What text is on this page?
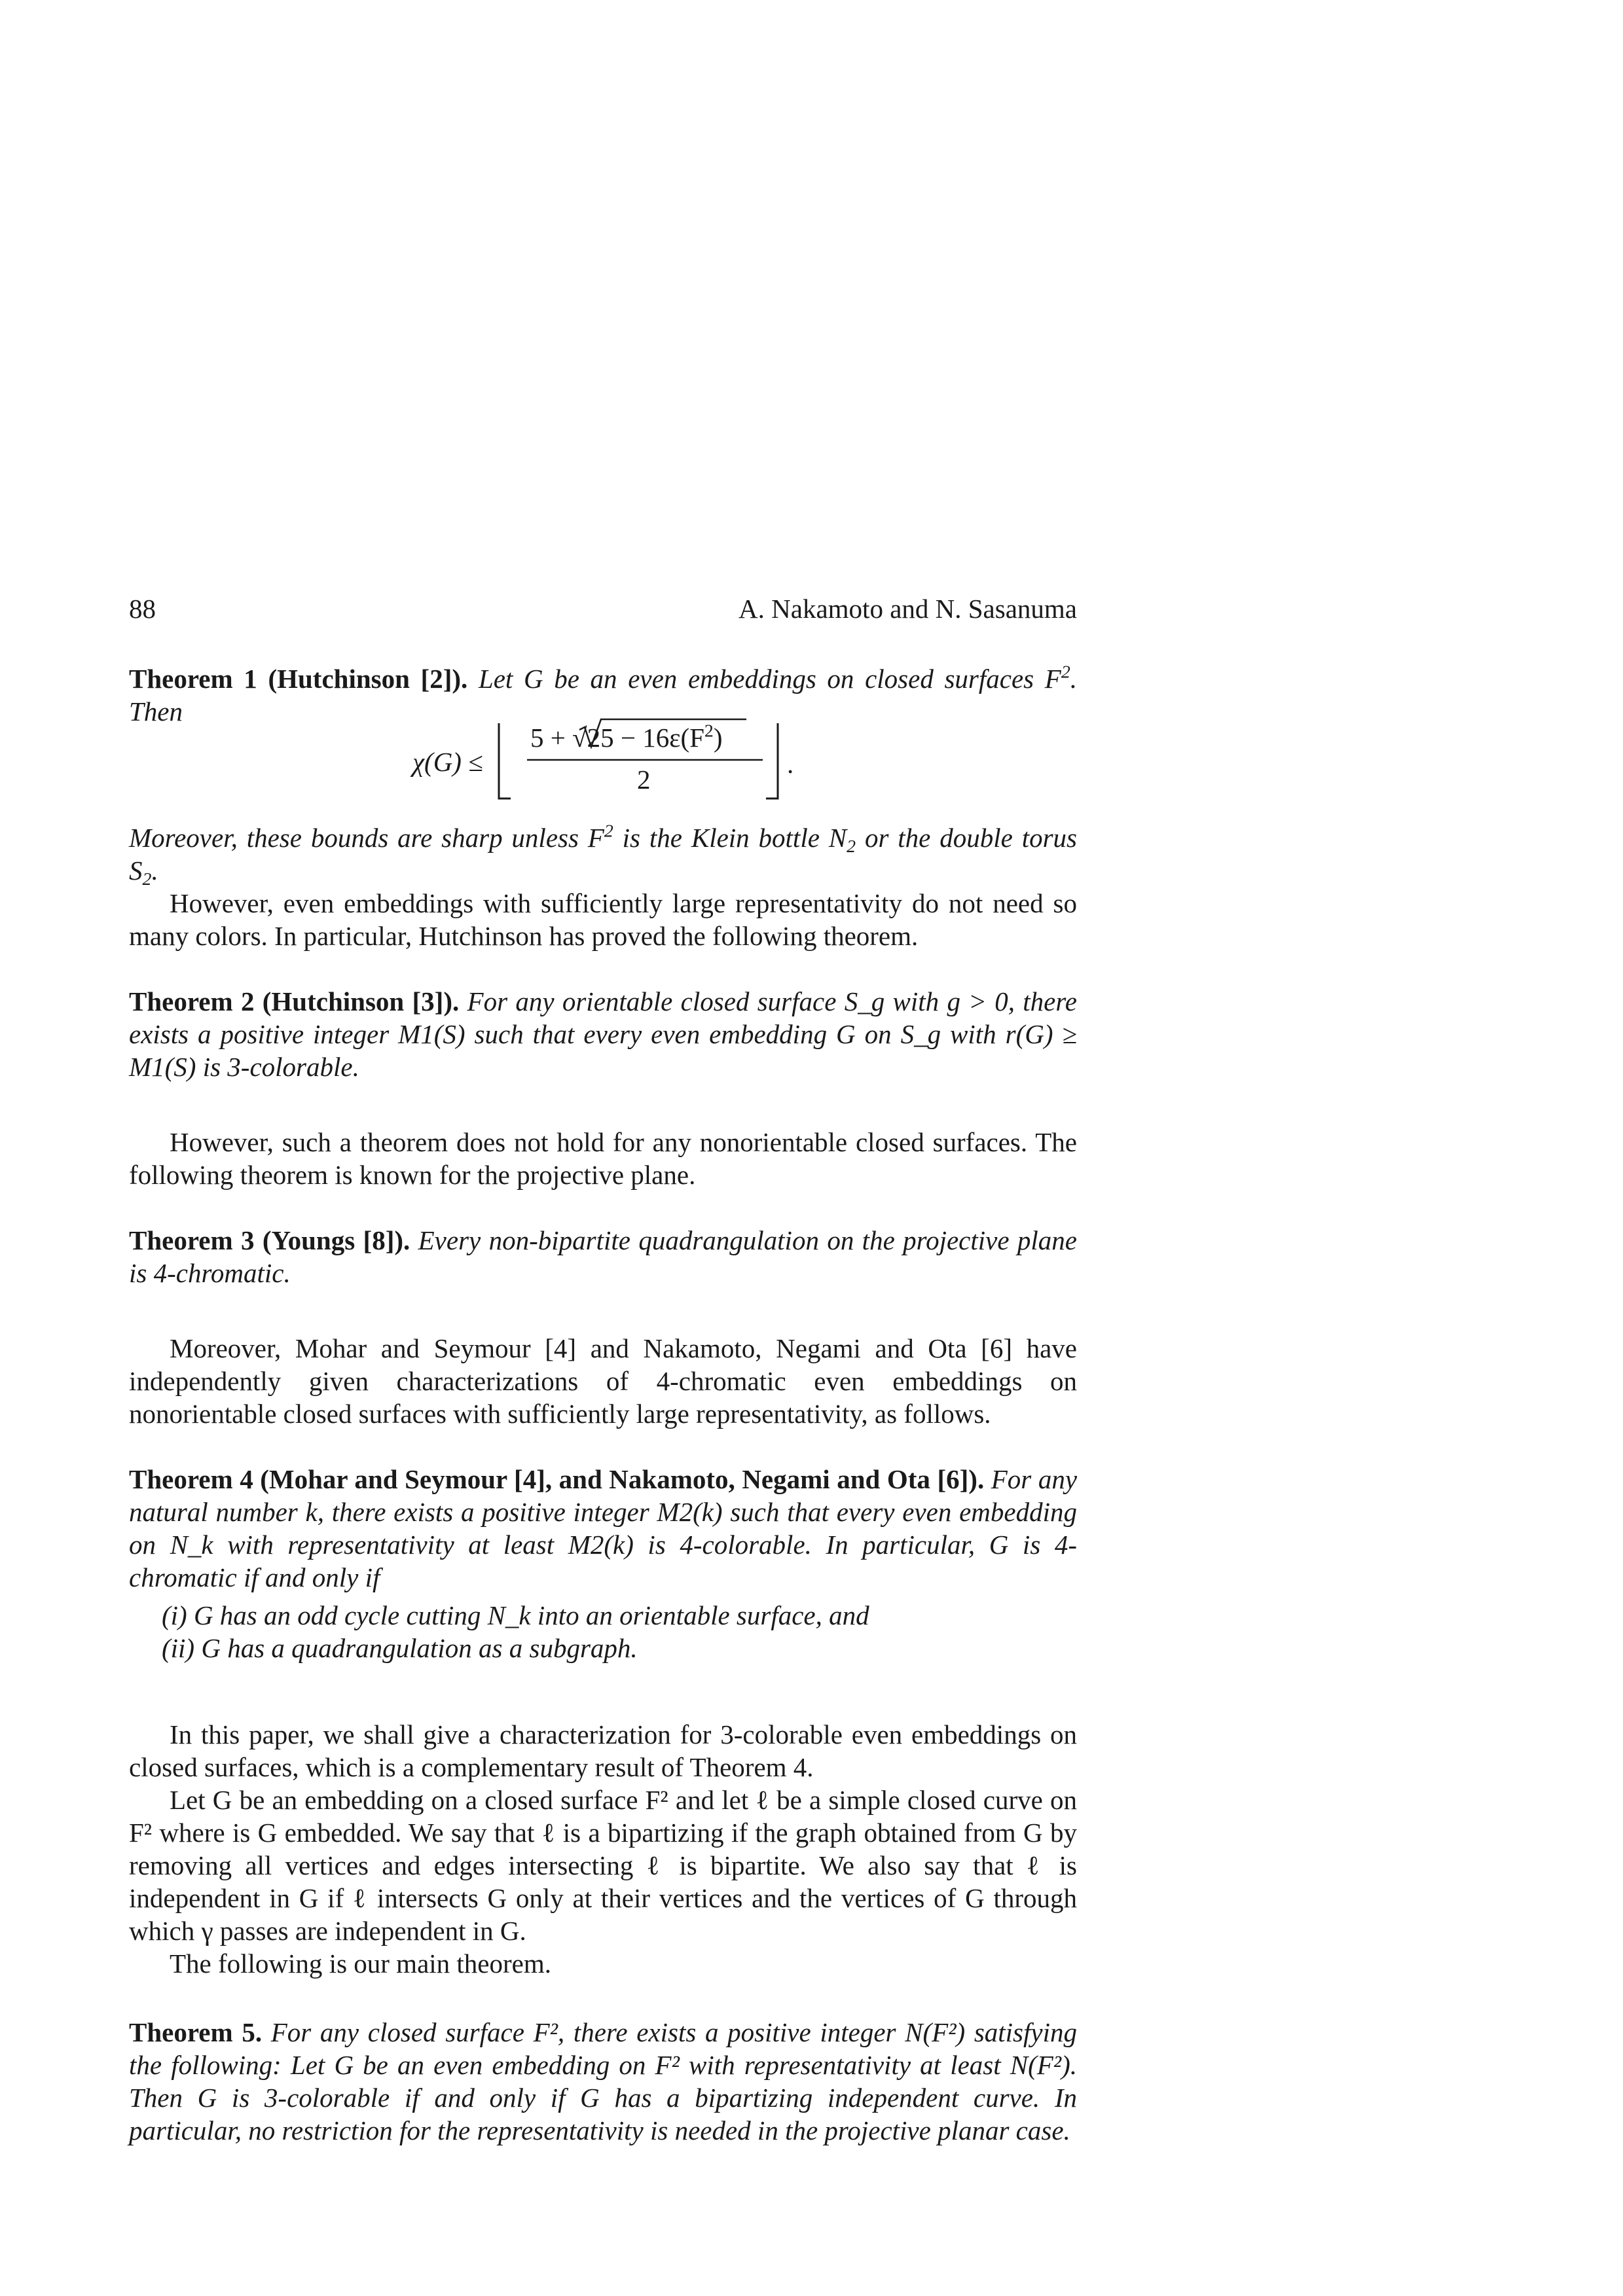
88	A. Nakamoto and N. Sasanuma
Theorem 1 (Hutchinson [2]). Let G be an even embeddings on closed surfaces $F^2$. Then
χ(G) ≤
$5 + √25 - 16\varepsilon(F^2)$
2
.
Moreover, these bounds are sharp unless $F^2$ is the Klein bottle $N_2$ or the double torus $S_2$.

However, even embeddings with sufficiently large representativity do not need so many colors. In particular, Hutchinson has proved the following theorem.

Theorem 2 (Hutchinson [3]). For any orientable closed surface S_g with g > 0, there exists a positive integer M1(S) such that every even embedding G on S_g with r(G) ≥ M1(S) is 3-colorable.

However, such a theorem does not hold for any nonorientable closed surfaces. The following theorem is known for the projective plane.

Theorem 3 (Youngs [8]). Every non-bipartite quadrangulation on the projective plane is 4-chromatic.

Moreover, Mohar and Seymour [4] and Nakamoto, Negami and Ota [6] have independently given characterizations of 4-chromatic even embeddings on nonorientable closed surfaces with sufficiently large representativity, as follows.

Theorem 4 (Mohar and Seymour [4], and Nakamoto, Negami and Ota [6]). For any natural number k, there exists a positive integer M2(k) such that every even embedding on N_k with representativity at least M2(k) is 4-colorable. In particular, G is 4-chromatic if and only if
(i) G has an odd cycle cutting N_k into an orientable surface, and
(ii) G has a quadrangulation as a subgraph.

In this paper, we shall give a characterization for 3-colorable even embeddings on closed surfaces, which is a complementary result of Theorem 4.

Let G be an embedding on a closed surface F² and let ℓ be a simple closed curve on F² where is G embedded. We say that ℓ is a bipartizing if the graph obtained from G by removing all vertices and edges intersecting ℓ is bipartite. We also say that ℓ is independent in G if ℓ intersects G only at their vertices and the vertices of G through which γ passes are independent in G.

The following is our main theorem.

Theorem 5. For any closed surface F², there exists a positive integer N(F²) satisfying the following: Let G be an even embedding on F² with representativity at least N(F²). Then G is 3-colorable if and only if G has a bipartizing independent curve. In particular, no restriction for the representativity is needed in the projective planar case.
